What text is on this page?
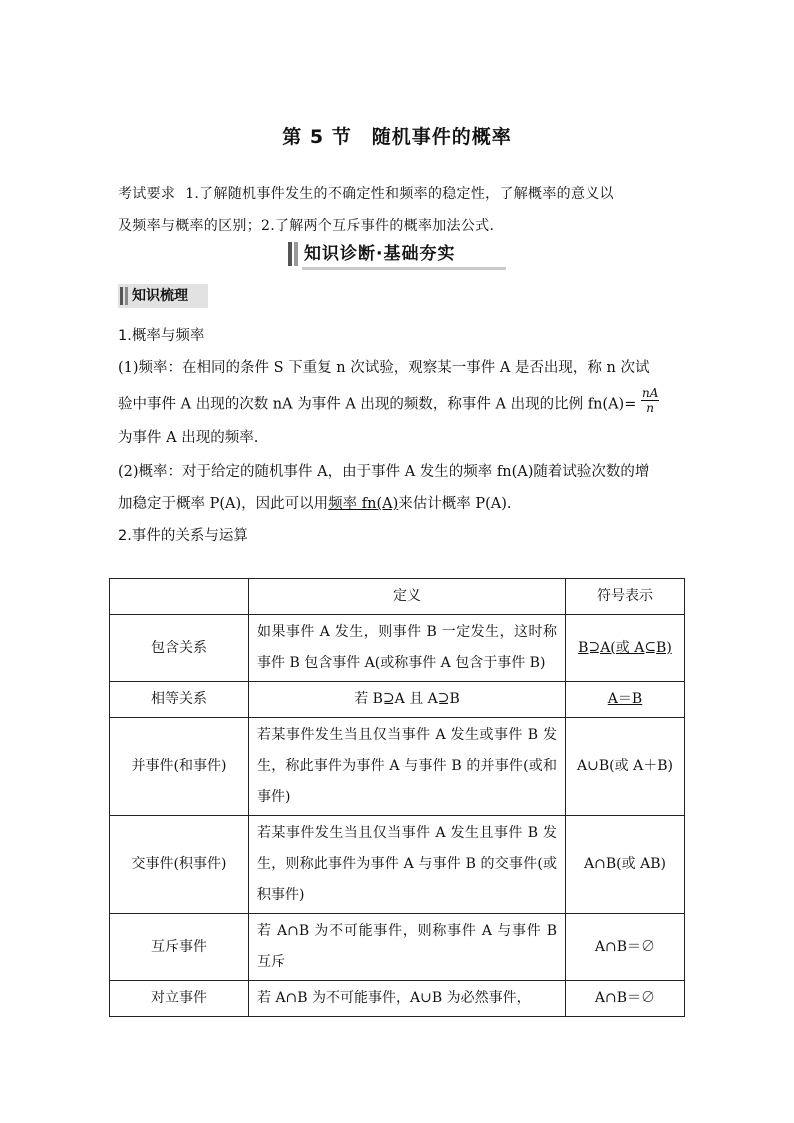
第 5 节　随机事件的概率
考试要求 1.了解随机事件发生的不确定性和频率的稳定性，了解概率的意义以
及频率与概率的区别；2.了解两个互斥事件的概率加法公式.
知识诊断·基础夯实
知识梳理
1.概率与频率
(1)频率：在相同的条件 S 下重复 n 次试验，观察某一事件 A 是否出现，称 n 次试
验中事件 A 出现的次数 nA 为事件 A 出现的频数，称事件 A 出现的比例 $fn(A)= \frac{nA}{n}$
为事件 A 出现的频率.
(2)概率：对于给定的随机事件 A，由于事件 A 发生的频率 fn(A)随着试验次数的增
加稳定于概率 P(A)，因此可以用频率 fn(A)来估计概率 P(A).
2.事件的关系与运算
	定义	符号表示
包含关系	如果事件 A 发生，则事件 B 一定发生，这时称事件 B 包含事件 A(或称事件 A 包含于事件 B)	B⊇A(或 A⊆B)
相等关系	若 B⊇A 且 A⊇B	A＝B
并事件(和事件)	若某事件发生当且仅当事件 A 发生或事件 B 发生，称此事件为事件 A 与事件 B 的并事件(或和事件)	A∪B(或 A＋B)
交事件(积事件)	若某事件发生当且仅当事件 A 发生且事件 B 发生，则称此事件为事件 A 与事件 B 的交事件(或积事件)	A∩B(或 AB)
互斥事件	若 A∩B 为不可能事件，则称事件 A 与事件 B 互斥	A∩B＝∅
对立事件	若 A∩B 为不可能事件，A∪B 为必然事件，	A∩B＝∅
